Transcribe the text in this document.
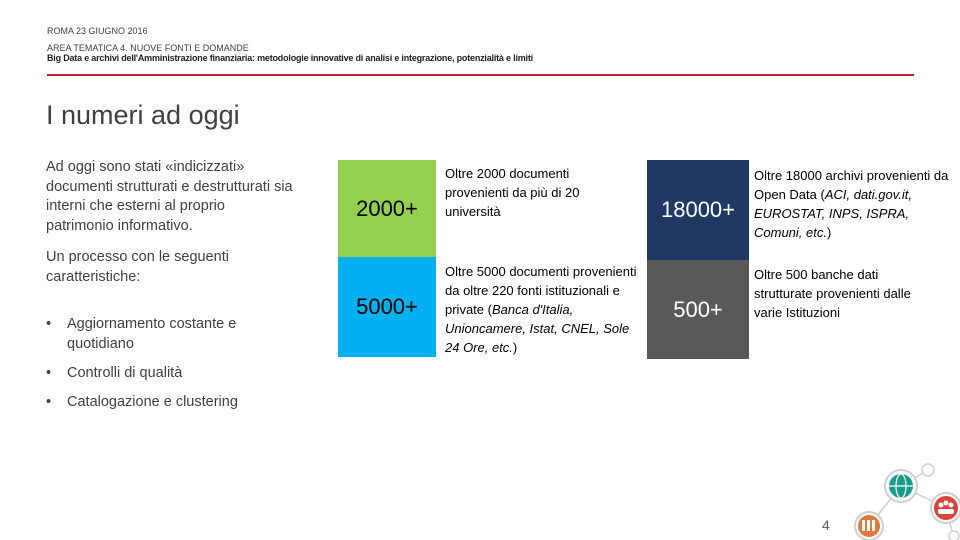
ROMA 23 GIUGNO 2016
AREA TEMATICA 4. NUOVE FONTI E DOMANDE
Big Data e archivi dell'Amministrazione finanziaria: metodologie innovative di analisi e integrazione, potenzialità e limiti
I numeri ad oggi

Ad oggi sono stati «indicizzati» documenti strutturati e destrutturati sia interni che esterni al proprio patrimonio informativo.

Un processo con le seguenti caratteristiche:

• Aggiornamento costante e quotidiano
• Controlli di qualità
• Catalogazione e clustering
2000+
5000+
18000+
500+
Oltre 2000 documenti provenienti da più di 20 università
Oltre 5000 documenti provenienti da oltre 220 fonti istituzionali e private (Banca d'Italia, Unioncamere, Istat, CNEL, Sole 24 Ore, etc.)
Oltre 18000 archivi provenienti da Open Data (ACI, dati.gov.it, EUROSTAT, INPS, ISPRA, Comuni, etc.)
Oltre 500 banche dati strutturate provenienti dalle varie Istituzioni
4
